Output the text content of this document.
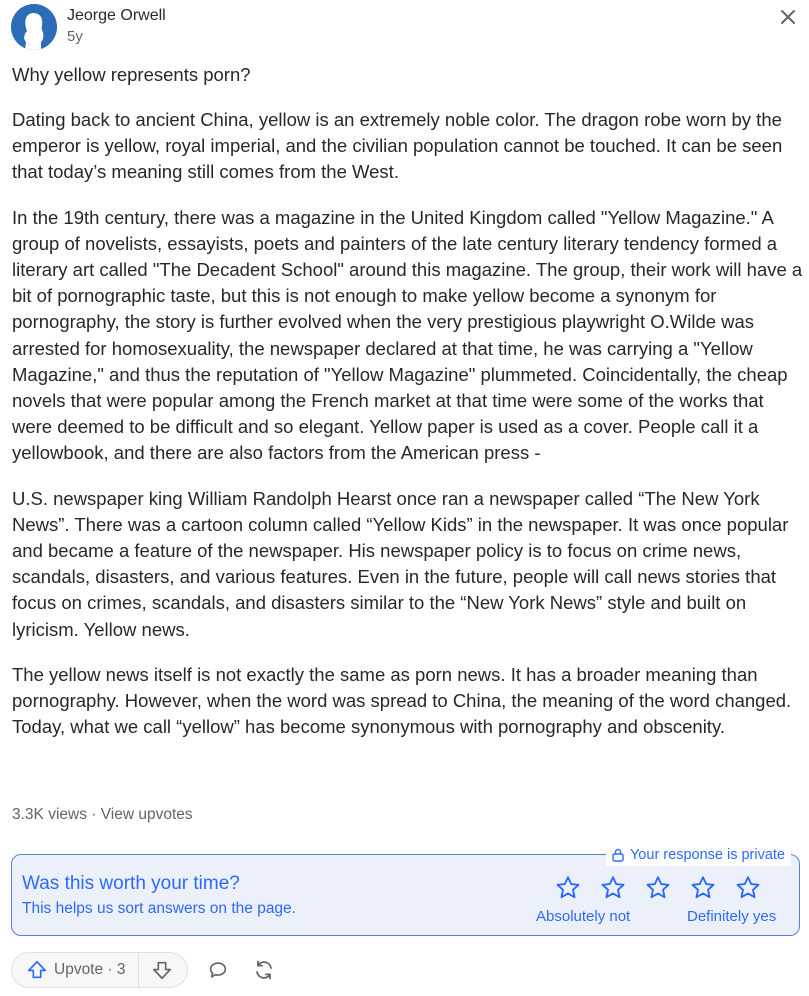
Jeorge Orwell
5y

Why yellow represents porn?

Dating back to ancient China, yellow is an extremely noble color. The dragon robe worn by the emperor is yellow, royal imperial, and the civilian population cannot be touched. It can be seen that today’s meaning still comes from the West.

In the 19th century, there was a magazine in the United Kingdom called "Yellow Magazine." A group of novelists, essayists, poets and painters of the late century literary tendency formed a literary art called "The Decadent School" around this magazine. The group, their work will have a bit of pornographic taste, but this is not enough to make yellow become a synonym for pornography, the story is further evolved when the very prestigious playwright O.Wilde was arrested for homosexuality, the newspaper declared at that time, he was carrying a "Yellow Magazine," and thus the reputation of "Yellow Magazine" plummeted. Coincidentally, the cheap novels that were popular among the French market at that time were some of the works that were deemed to be difficult and so elegant. Yellow paper is used as a cover. People call it a yellowbook, and there are also factors from the American press -

U.S. newspaper king William Randolph Hearst once ran a newspaper called “The New York News”. There was a cartoon column called “Yellow Kids” in the newspaper. It was once popular and became a feature of the newspaper. His newspaper policy is to focus on crime news, scandals, disasters, and various features. Even in the future, people will call news stories that focus on crimes, scandals, and disasters similar to the “New York News” style and built on lyricism. Yellow news.

The yellow news itself is not exactly the same as porn news. It has a broader meaning than pornography. However, when the word was spread to China, the meaning of the word changed. Today, what we call “yellow” has become synonymous with pornography and obscenity.

3.3K views · View upvotes
Your response is private
Was this worth your time?
This helps us sort answers on the page.	Absolutely not	Definitely yes
Upvote · 3
